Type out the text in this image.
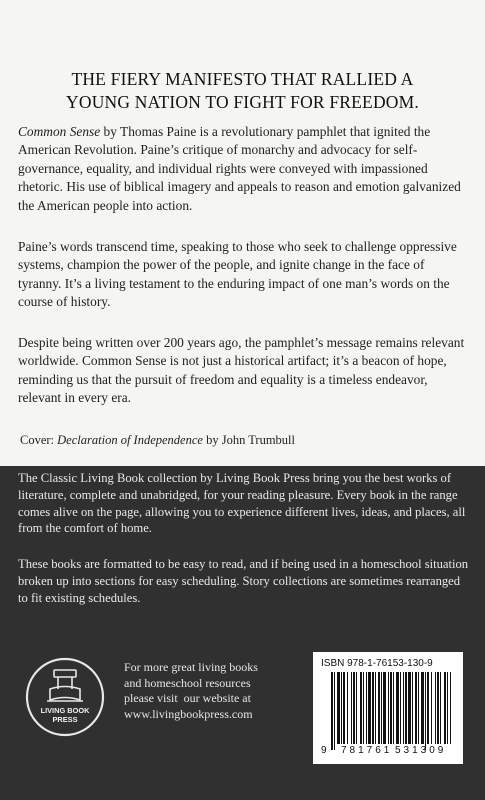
THE FIERY MANIFESTO THAT RALLIED A
YOUNG NATION TO FIGHT FOR FREEDOM.
Common Sense by Thomas Paine is a revolutionary pamphlet that ignited the American Revolution. Paine’s critique of monarchy and advocacy for self-governance, equality, and individual rights were conveyed with impassioned rhetoric. His use of biblical imagery and appeals to reason and emotion galvanized the American people into action.
Paine’s words transcend time, speaking to those who seek to challenge oppressive systems, champion the power of the people, and ignite change in the face of tyranny. It’s a living testament to the enduring impact of one man’s words on the course of history.
Despite being written over 200 years ago, the pamphlet’s message remains relevant worldwide. Common Sense is not just a historical artifact; it’s a beacon of hope, reminding us that the pursuit of freedom and equality is a timeless endeavor, relevant in every era.
Cover: Declaration of Independence by John Trumbull
The Classic Living Book collection by Living Book Press bring you the best works of literature, complete and unabridged, for your reading pleasure. Every book in the range comes alive on the page, allowing you to experience different lives, ideas, and places, all from the comfort of home.
These books are formatted to be easy to read, and if being used in a homeschool situation broken up into sections for easy scheduling. Story collections are sometimes rearranged to fit existing schedules.
LIVING BOOK
PRESS
For more great living books
and homeschool resources
please visit  our website at
www.livingbookpress.com
ISBN 978-1-76153-130-9
9 781761 531309
